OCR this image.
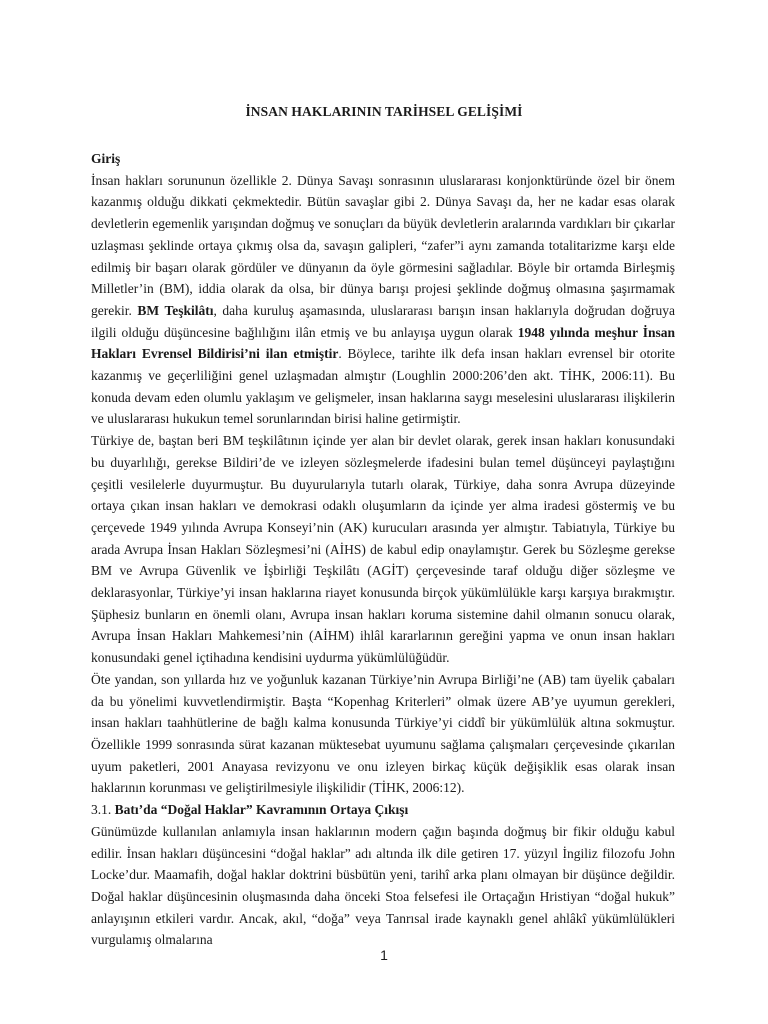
İNSAN HAKLARININ TARİHSEL GELİŞİMİ

Giriş

İnsan hakları sorununun özellikle 2. Dünya Savaşı sonrasının uluslararası konjonktüründe özel bir önem kazanmış olduğu dikkati çekmektedir. Bütün savaşlar gibi 2. Dünya Savaşı da, her ne kadar esas olarak devletlerin egemenlik yarışından doğmuş ve sonuçları da büyük devletlerin aralarında vardıkları bir çıkarlar uzlaşması şeklinde ortaya çıkmış olsa da, savaşın galipleri, “zafer”i aynı zamanda totalitarizme karşı elde edilmiş bir başarı olarak gördüler ve dünyanın da öyle görmesini sağladılar. Böyle bir ortamda Birleşmiş Milletler’in (BM), iddia olarak da olsa, bir dünya barışı projesi şeklinde doğmuş olmasına şaşırmamak gerekir. BM Teşkilâtı, daha kuruluş aşamasında, uluslararası barışın insan haklarıyla doğrudan doğruya ilgili olduğu düşüncesine bağlılığını ilân etmiş ve bu anlayışa uygun olarak 1948 yılında meşhur İnsan Hakları Evrensel Bildirisi’ni ilan etmiştir. Böylece, tarihte ilk defa insan hakları evrensel bir otorite kazanmış ve geçerliliğini genel uzlaşmadan almıştır (Loughlin 2000:206’den akt. TİHK, 2006:11). Bu konuda devam eden olumlu yaklaşım ve gelişmeler, insan haklarına saygı meselesini uluslararası ilişkilerin ve uluslararası hukukun temel sorunlarından birisi haline getirmiştir.

Türkiye de, baştan beri BM teşkilâtının içinde yer alan bir devlet olarak, gerek insan hakları konusundaki bu duyarlılığı, gerekse Bildiri’de ve izleyen sözleşmelerde ifadesini bulan temel düşünceyi paylaştığını çeşitli vesilelerle duyurmuştur. Bu duyurularıyla tutarlı olarak, Türkiye, daha sonra Avrupa düzeyinde ortaya çıkan insan hakları ve demokrasi odaklı oluşumların da içinde yer alma iradesi göstermiş ve bu çerçevede 1949 yılında Avrupa Konseyi’nin (AK) kurucuları arasında yer almıştır. Tabiatıyla, Türkiye bu arada Avrupa İnsan Hakları Sözleşmesi’ni (AİHS) de kabul edip onaylamıştır. Gerek bu Sözleşme gerekse BM ve Avrupa Güvenlik ve İşbirliği Teşkilâtı (AGİT) çerçevesinde taraf olduğu diğer sözleşme ve deklarasyonlar, Türkiye’yi insan haklarına riayet konusunda birçok yükümlülükle karşı karşıya bırakmıştır. Şüphesiz bunların en önemli olanı, Avrupa insan hakları koruma sistemine dahil olmanın sonucu olarak, Avrupa İnsan Hakları Mahkemesi’nin (AİHM) ihlâl kararlarının gereğini yapma ve onun insan hakları konusundaki genel içtihadına kendisini uydurma yükümlülüğüdür.

Öte yandan, son yıllarda hız ve yoğunluk kazanan Türkiye’nin Avrupa Birliği’ne (AB) tam üyelik çabaları da bu yönelimi kuvvetlendirmiştir. Başta “Kopenhag Kriterleri” olmak üzere AB’ye uyumun gerekleri, insan hakları taahhütlerine de bağlı kalma konusunda Türkiye’yi ciddî bir yükümlülük altına sokmuştur. Özellikle 1999 sonrasında sürat kazanan müktesebat uyumunu sağlama çalışmaları çerçevesinde çıkarılan uyum paketleri, 2001 Anayasa revizyonu ve onu izleyen birkaç küçük değişiklik esas olarak insan haklarının korunması ve geliştirilmesiyle ilişkilidir (TİHK, 2006:12).

3.1. Batı’da “Doğal Haklar” Kavramının Ortaya Çıkışı

Günümüzde kullanılan anlamıyla insan haklarının modern çağın başında doğmuş bir fikir olduğu kabul edilir. İnsan hakları düşüncesini “doğal haklar” adı altında ilk dile getiren 17. yüzyıl İngiliz filozofu John Locke’dur. Maamafih, doğal haklar doktrini büsbütün yeni, tarihî arka planı olmayan bir düşünce değildir. Doğal haklar düşüncesinin oluşmasında daha önceki Stoa felsefesi ile Ortaçağın Hristiyan “doğal hukuk” anlayışının etkileri vardır. Ancak, akıl, “doğa” veya Tanrısal irade kaynaklı genel ahlâkî yükümlülükleri vurgulamış olmalarına

1
